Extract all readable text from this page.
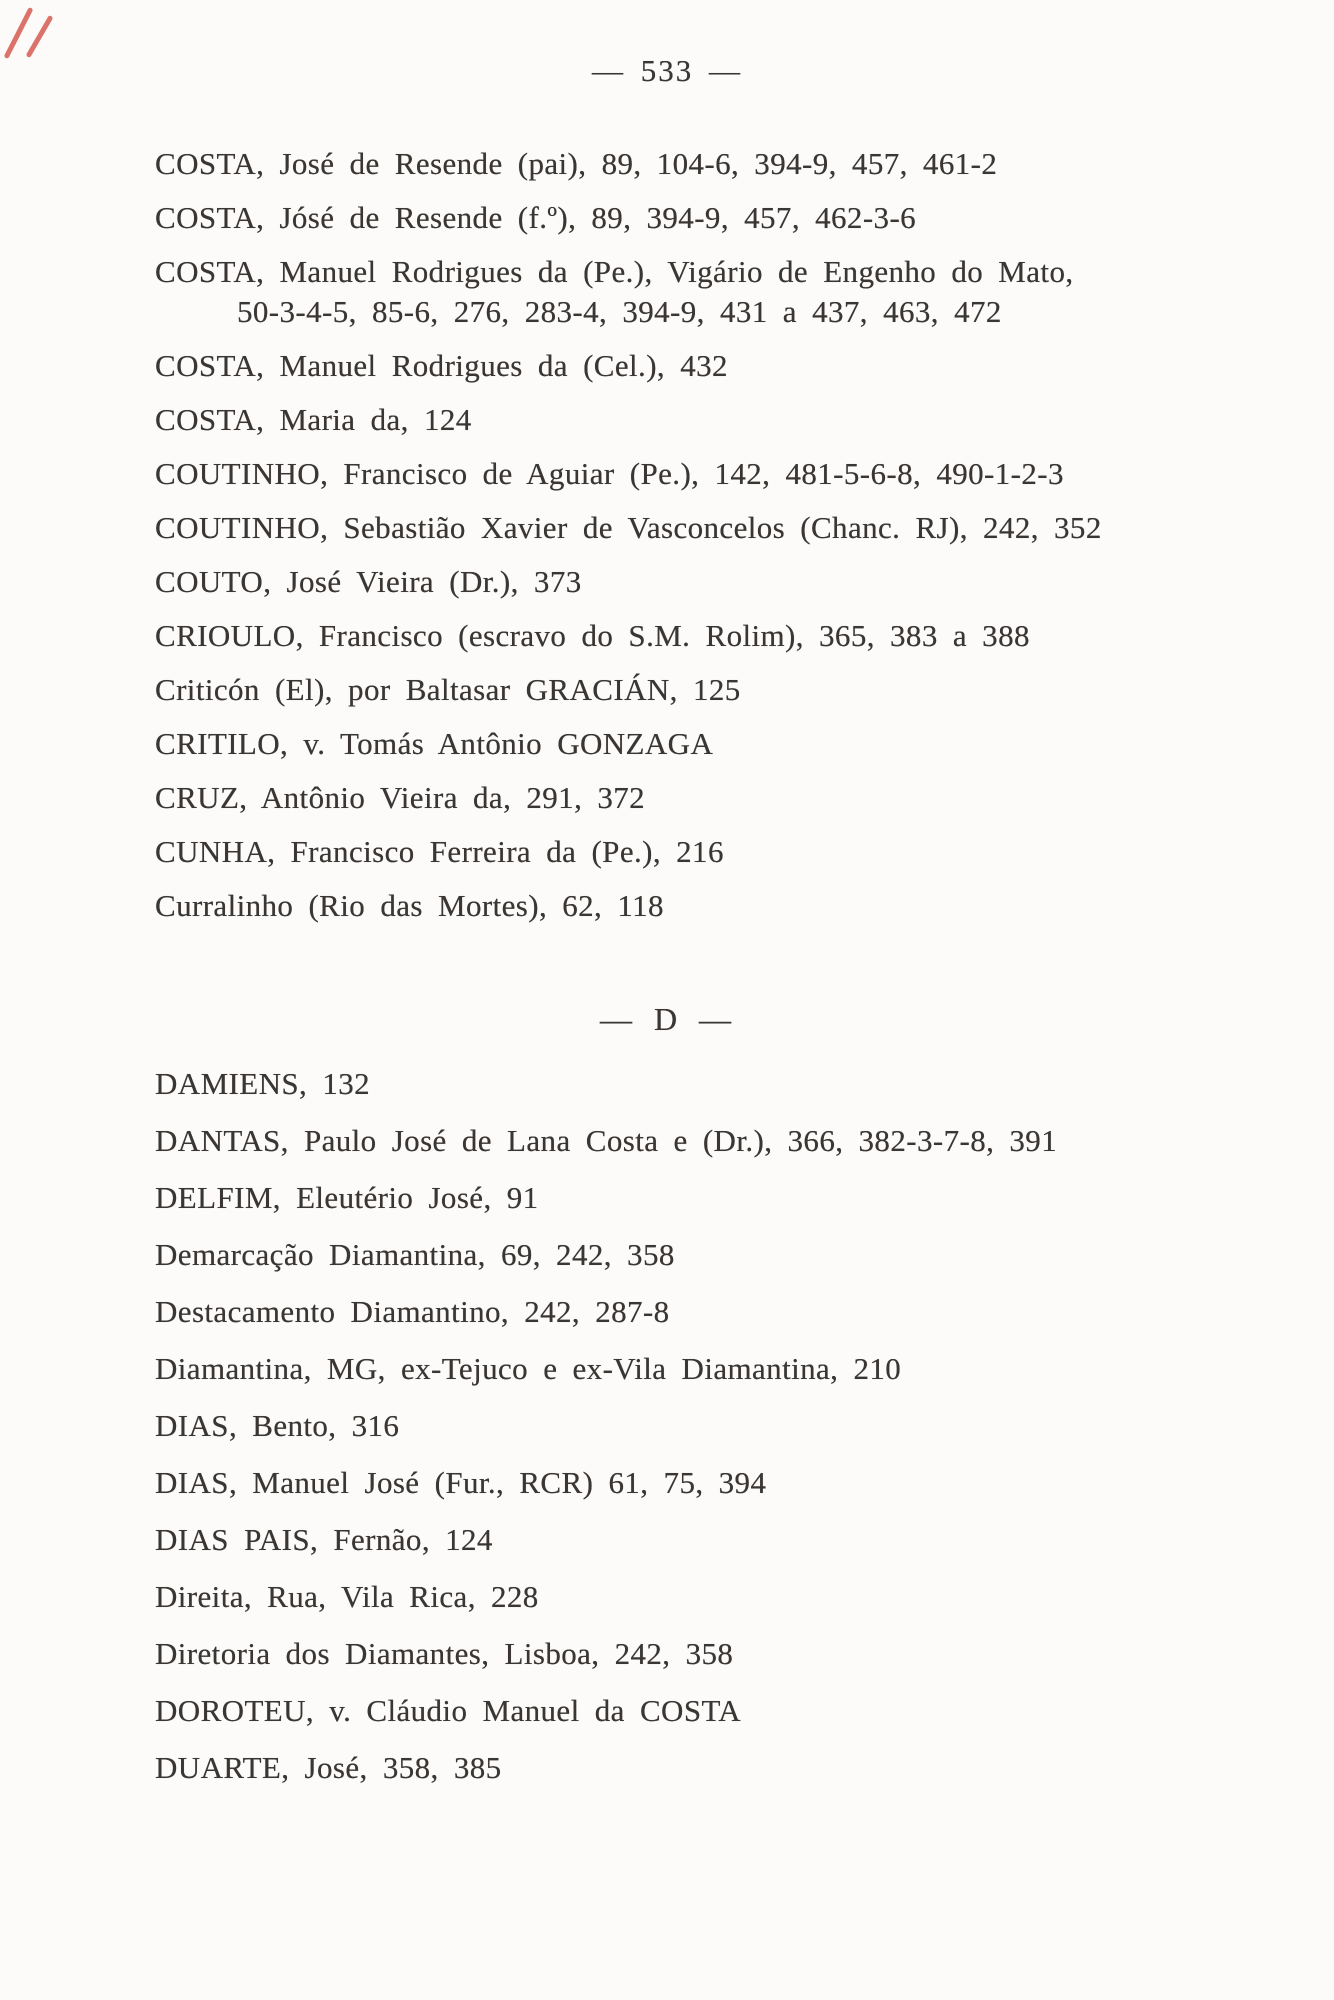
— 533 —
COSTA, José de Resende (pai), 89, 104-6, 394-9, 457, 461-2
COSTA, Jósé de Resende (f.º), 89, 394-9, 457, 462-3-6
COSTA, Manuel Rodrigues da (Pe.), Vigário de Engenho do Mato,
50-3-4-5, 85-6, 276, 283-4, 394-9, 431 a 437, 463, 472
COSTA, Manuel Rodrigues da (Cel.), 432
COSTA, Maria da, 124
COUTINHO, Francisco de Aguiar (Pe.), 142, 481-5-6-8, 490-1-2-3
COUTINHO, Sebastião Xavier de Vasconcelos (Chanc. RJ), 242, 352
COUTO, José Vieira (Dr.), 373
CRIOULO, Francisco (escravo do S.M. Rolim), 365, 383 a 388
Criticón (El), por Baltasar GRACIÁN, 125
CRITILO, v. Tomás Antônio GONZAGA
CRUZ, Antônio Vieira da, 291, 372
CUNHA, Francisco Ferreira da (Pe.), 216
Curralinho (Rio das Mortes), 62, 118
— D —
DAMIENS, 132
DANTAS, Paulo José de Lana Costa e (Dr.), 366, 382-3-7-8, 391
DELFIM, Eleutério José, 91
Demarcação Diamantina, 69, 242, 358
Destacamento Diamantino, 242, 287-8
Diamantina, MG, ex-Tejuco e ex-Vila Diamantina, 210
DIAS, Bento, 316
DIAS, Manuel José (Fur., RCR) 61, 75, 394
DIAS PAIS, Fernão, 124
Direita, Rua, Vila Rica, 228
Diretoria dos Diamantes, Lisboa, 242, 358
DOROTEU, v. Cláudio Manuel da COSTA
DUARTE, José, 358, 385
